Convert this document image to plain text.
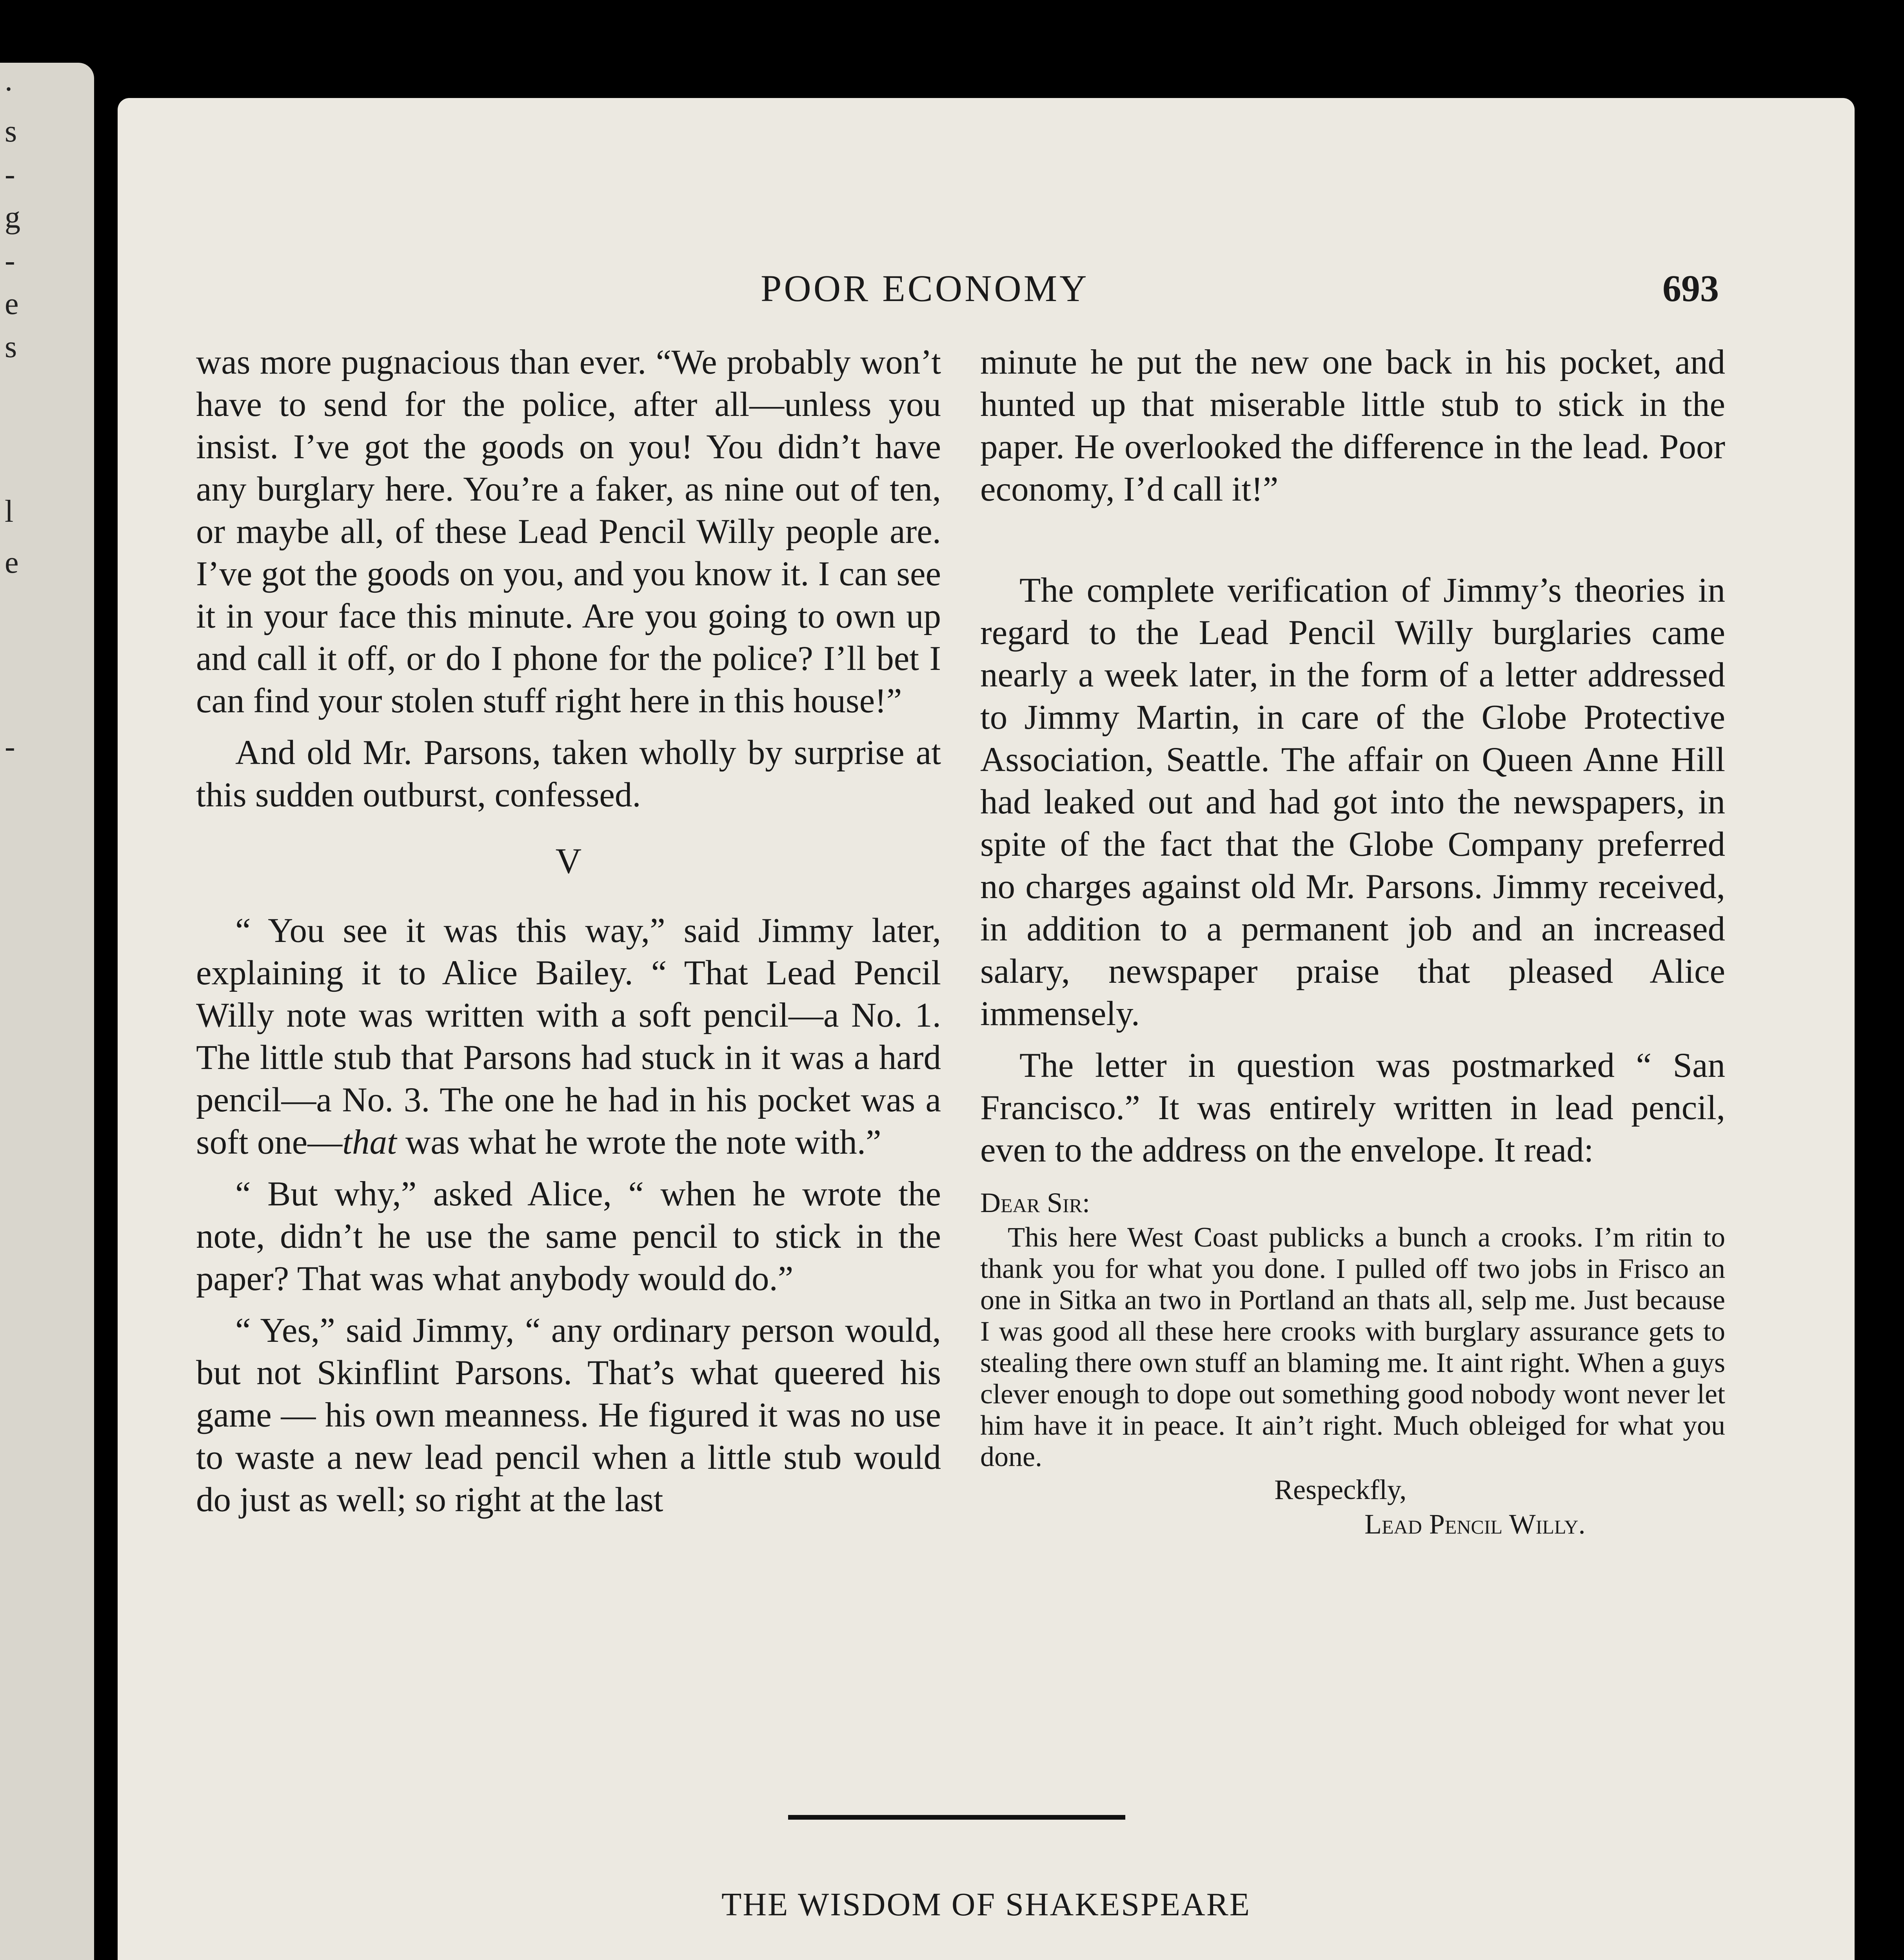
.
s
-
g
-
e
s
l
e
-
POOR ECONOMY	693

was more pugnacious than ever. “We probably won’t have to send for the police, after all—unless you insist. I’ve got the goods on you! You didn’t have any burglary here. You’re a faker, as nine out of ten, or maybe all, of these Lead Pencil Willy people are. I’ve got the goods on you, and you know it. I can see it in your face this minute. Are you going to own up and call it off, or do I phone for the police? I’ll bet I can find your stolen stuff right here in this house!”

And old Mr. Parsons, taken wholly by surprise at this sudden outburst, confessed.

V

“ You see it was this way,” said Jimmy later, explaining it to Alice Bailey. “ That Lead Pencil Willy note was written with a soft pencil—a No. 1. The little stub that Parsons had stuck in it was a hard pencil—a No. 3. The one he had in his pocket was a soft one—that was what he wrote the note with.”

“ But why,” asked Alice, “ when he wrote the note, didn’t he use the same pencil to stick in the paper? That was what anybody would do.”

“ Yes,” said Jimmy, “ any ordinary person would, but not Skinflint Parsons. That’s what queered his game — his own meanness. He figured it was no use to waste a new lead pencil when a little stub would do just as well; so right at the last

minute he put the new one back in his pocket, and hunted up that miserable little stub to stick in the paper. He overlooked the difference in the lead. Poor economy, I’d call it!”

The complete verification of Jimmy’s theories in regard to the Lead Pencil Willy burglaries came nearly a week later, in the form of a letter addressed to Jimmy Martin, in care of the Globe Protective Association, Seattle. The affair on Queen Anne Hill had leaked out and had got into the newspapers, in spite of the fact that the Globe Company preferred no charges against old Mr. Parsons. Jimmy received, in addition to a permanent job and an increased salary, newspaper praise that pleased Alice immensely.

The letter in question was postmarked “ San Francisco.” It was entirely written in lead pencil, even to the address on the envelope. It read:

Dear Sir:

This here West Coast publicks a bunch a crooks. I’m ritin to thank you for what you done. I pulled off two jobs in Frisco an one in Sitka an two in Portland an thats all, selp me. Just because I was good all these here crooks with burglary assurance gets to stealing there own stuff an blaming me. It aint right. When a guys clever enough to dope out something good nobody wont never let him have it in peace. It ain’t right. Much obleiged for what you done.

Respeckfly,
Lead Pencil Willy.
THE WISDOM OF SHAKESPEARE
